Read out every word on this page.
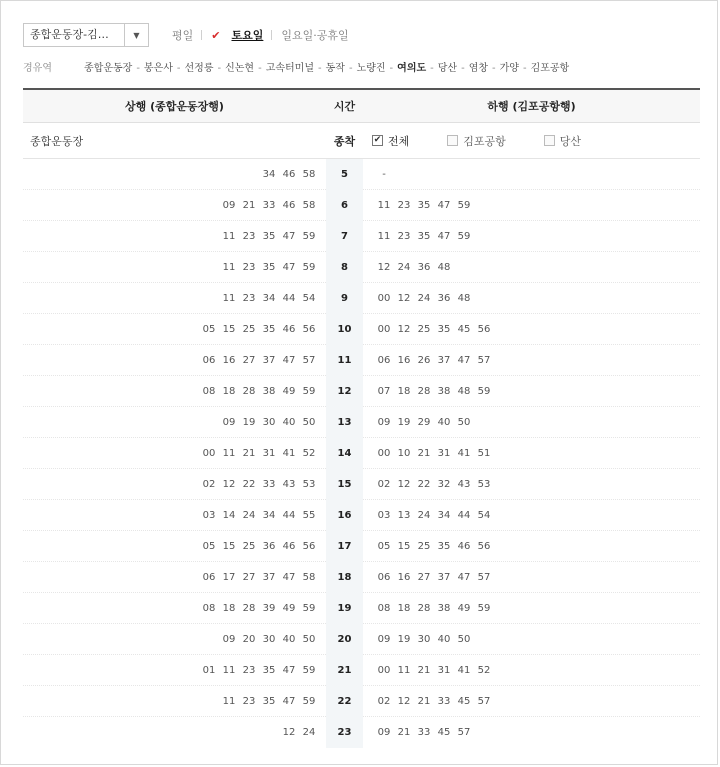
종합운동장-김…	▼	평일	✔	토요일	일요일·공휴일
경유역	종합운동장 - 봉은사 - 선정릉 - 신논현 - 고속터미널 - 동작 - 노량진 - 여의도 - 당산 - 염창 - 가양 - 김포공항
상행 (종합운동장행)	시간	하행 (김포공항행)
종합운동장	종착	✔ 전체	김포공항	당산
34 46 58	5	-
09 21 33 46 58	6	11 23 35 47 59
11 23 35 47 59	7	11 23 35 47 59
11 23 35 47 59	8	12 24 36 48
11 23 34 44 54	9	00 12 24 36 48
05 15 25 35 46 56	10	00 12 25 35 45 56
06 16 27 37 47 57	11	06 16 26 37 47 57
08 18 28 38 49 59	12	07 18 28 38 48 59
09 19 30 40 50	13	09 19 29 40 50
00 11 21 31 41 52	14	00 10 21 31 41 51
02 12 22 33 43 53	15	02 12 22 32 43 53
03 14 24 34 44 55	16	03 13 24 34 44 54
05 15 25 36 46 56	17	05 15 25 35 46 56
06 17 27 37 47 58	18	06 16 27 37 47 57
08 18 28 39 49 59	19	08 18 28 38 49 59
09 20 30 40 50	20	09 19 30 40 50
01 11 23 35 47 59	21	00 11 21 31 41 52
11 23 35 47 59	22	02 12 21 33 45 57
12 24	23	09 21 33 45 57
